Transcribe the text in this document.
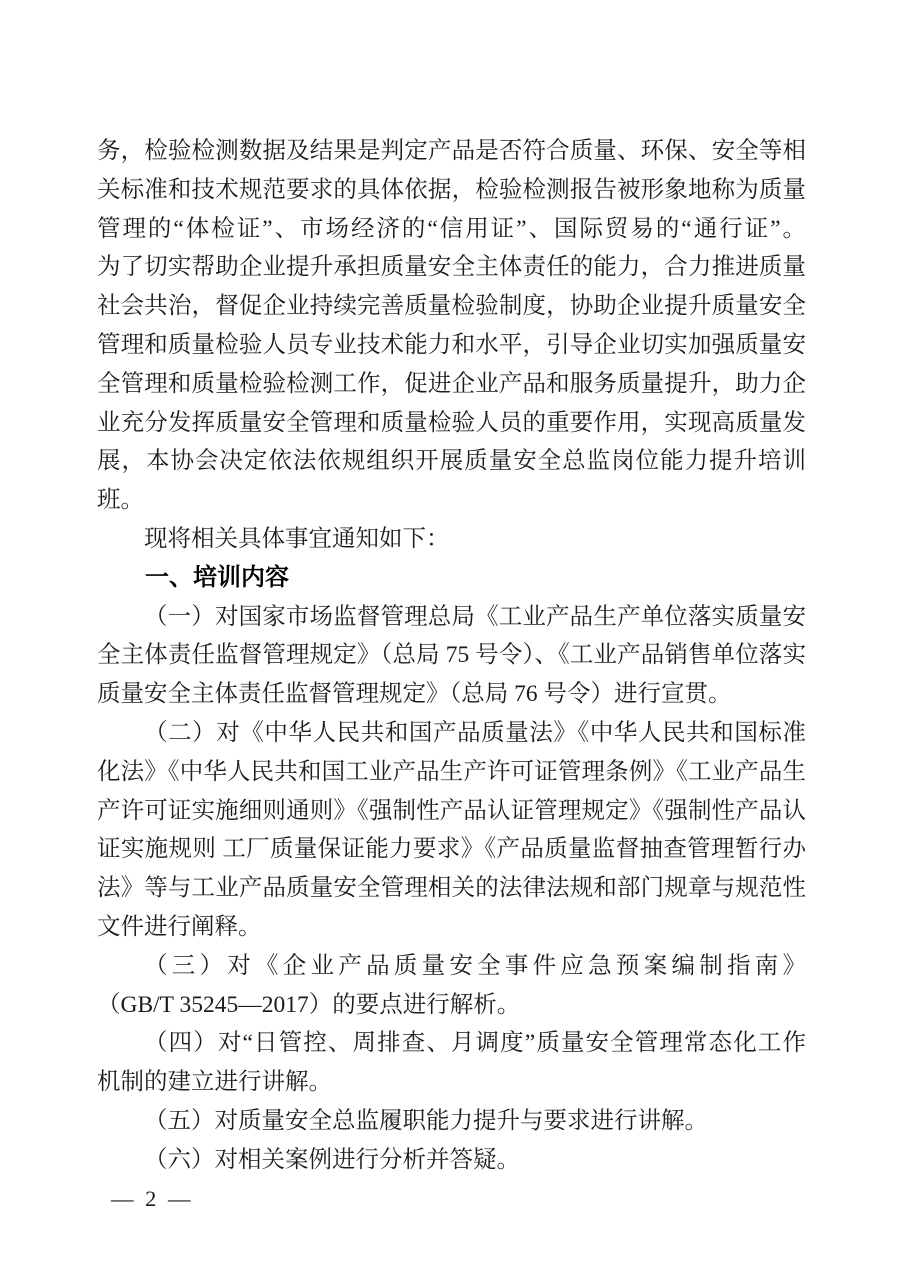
务，检验检测数据及结果是判定产品是否符合质量、环保、安全等相
关标准和技术规范要求的具体依据，检验检测报告被形象地称为质量
管理的“体检证”、市场经济的“信用证”、国际贸易的“通行证”。
为了切实帮助企业提升承担质量安全主体责任的能力，合力推进质量
社会共治，督促企业持续完善质量检验制度，协助企业提升质量安全
管理和质量检验人员专业技术能力和水平，引导企业切实加强质量安
全管理和质量检验检测工作，促进企业产品和服务质量提升，助力企
业充分发挥质量安全管理和质量检验人员的重要作用，实现高质量发
展，本协会决定依法依规组织开展质量安全总监岗位能力提升培训
班。
现将相关具体事宜通知如下：
一、培训内容
（一）对国家市场监督管理总局《工业产品生产单位落实质量安
全主体责任监督管理规定》（总局 75 号令）、《工业产品销售单位落实
质量安全主体责任监督管理规定》（总局 76 号令）进行宣贯。
（二）对《中华人民共和国产品质量法》《中华人民共和国标准
化法》《中华人民共和国工业产品生产许可证管理条例》《工业产品生
产许可证实施细则通则》《强制性产品认证管理规定》《强制性产品认
证实施规则 工厂质量保证能力要求》《产品质量监督抽查管理暂行办
法》等与工业产品质量安全管理相关的法律法规和部门规章与规范性
文件进行阐释。
（三）对《企业产品质量安全事件应急预案编制指南》
（GB/T 35245—2017）的要点进行解析。
（四）对“日管控、周排查、月调度”质量安全管理常态化工作
机制的建立进行讲解。
（五）对质量安全总监履职能力提升与要求进行讲解。
（六）对相关案例进行分析并答疑。
— 2 —
